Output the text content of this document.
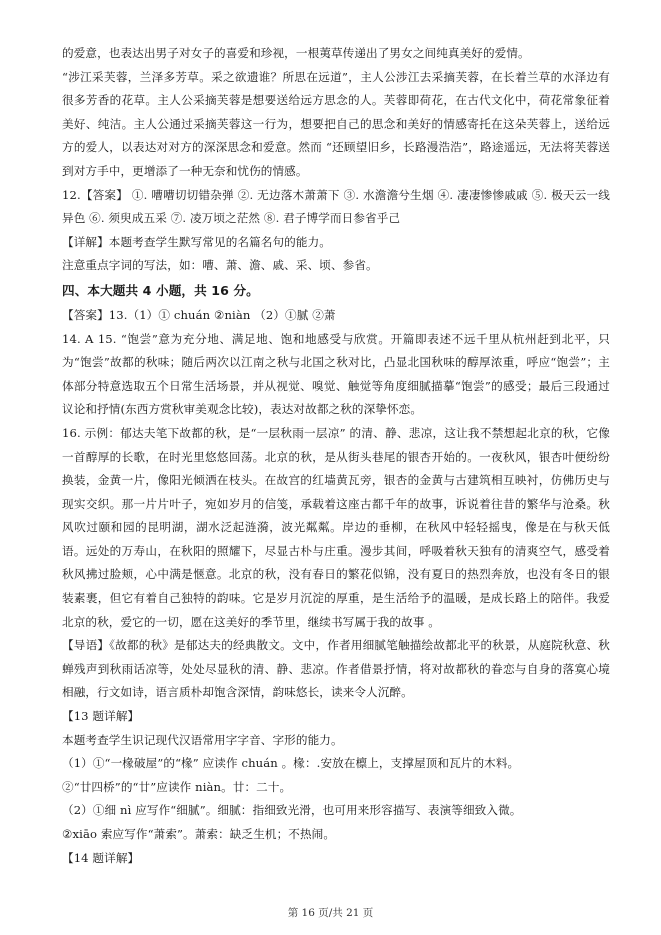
的爱意，也表达出男子对女子的喜爱和珍视，一根荑草传递出了男女之间纯真美好的爱情。

“涉江采芙蓉，兰泽多芳草。采之欲遗谁？所思在远道”，主人公涉江去采摘芙蓉，在长着兰草的水泽边有很多芳香的花草。主人公采摘芙蓉是想要送给远方思念的人。芙蓉即荷花，在古代文化中，荷花常象征着美好、纯洁。主人公通过采摘芙蓉这一行为，想要把自己的思念和美好的情感寄托在这朵芙蓉上，送给远方的爱人，以表达对对方的深深思念和爱意。然而 “还顾望旧乡，长路漫浩浩”，路途遥远，无法将芙蓉送到对方手中，更增添了一种无奈和忧伤的情感。

12.【答案】 ①. 嘈嘈切切错杂弹 ②. 无边落木萧萧下 ③. 水澹澹兮生烟 ④. 凄凄惨惨戚戚 ⑤. 极天云一线异色 ⑥. 须臾成五采 ⑦. 凌万顷之茫然 ⑧. 君子博学而日参省乎己

【详解】本题考查学生默写常见的名篇名句的能力。

注意重点字词的写法，如：嘈、萧、澹、戚、采、顷、参省。

四、本大题共 4 小题，共 16 分。

【答案】13.（1）① chuán ②niàn （2）①腻 ②萧

14. A 15. “饱尝”意为充分地、满足地、饱和地感受与欣赏。开篇即表述不远千里从杭州赶到北平，只为“饱尝”故都的秋味；随后两次以江南之秋与北国之秋对比，凸显北国秋味的醇厚浓重，呼应“饱尝”；主体部分特意选取五个日常生活场景，并从视觉、嗅觉、触觉等角度细腻描摹“饱尝”的感受；最后三段通过议论和抒情(东西方赏秋审美观念比较)，表达对故都之秋的深挚怀恋。

16. 示例：郁达夫笔下故都的秋，是“一层秋雨一层凉” 的清、静、悲凉，这让我不禁想起北京的秋，它像一首醇厚的长歌，在时光里悠悠回荡。北京的秋，是从街头巷尾的银杏开始的。一夜秋风，银杏叶便纷纷换装，金黄一片，像阳光倾洒在枝头。在故宫的红墙黄瓦旁，银杏的金黄与古建筑相互映衬，仿佛历史与现实交织。那一片片叶子，宛如岁月的信笺，承载着这座古都千年的故事，诉说着往昔的繁华与沧桑。秋风吹过颐和园的昆明湖，湖水泛起涟漪，波光粼粼。岸边的垂柳，在秋风中轻轻摇曳，像是在与秋天低语。远处的万寿山，在秋阳的照耀下，尽显古朴与庄重。漫步其间，呼吸着秋天独有的清爽空气，感受着秋风拂过脸颊，心中满是惬意。北京的秋，没有春日的繁花似锦，没有夏日的热烈奔放，也没有冬日的银装素裹，但它有着自己独特的韵味。它是岁月沉淀的厚重，是生活给予的温暖，是成长路上的陪伴。我爱北京的秋，爱它的一切，愿在这美好的季节里，继续书写属于我的故事 。

【导语】《故都的秋》是郁达夫的经典散文。文中，作者用细腻笔触描绘故都北平的秋景，从庭院秋意、秋蝉残声到秋雨话凉等，处处尽显秋的清、静、悲凉。作者借景抒情，将对故都秋的眷恋与自身的落寞心境相融，行文如诗，语言质朴却饱含深情，韵味悠长，读来令人沉醉。

【13 题详解】

本题考查学生识记现代汉语常用字字音、字形的能力。

（1）①“一椽破屋”的“椽” 应读作 chuán 。椽：.安放在檩上，支撑屋顶和瓦片的木料。

②“廿四桥”的“廿”应读作 niàn。廿：二十。

（2）①细 nì 应写作“细腻”。细腻：指细致光滑，也可用来形容描写、表演等细致入微。

②xiāo 索应写作“萧索”。萧索：缺乏生机；不热闹。

【14 题详解】

第 16 页/共 21 页
